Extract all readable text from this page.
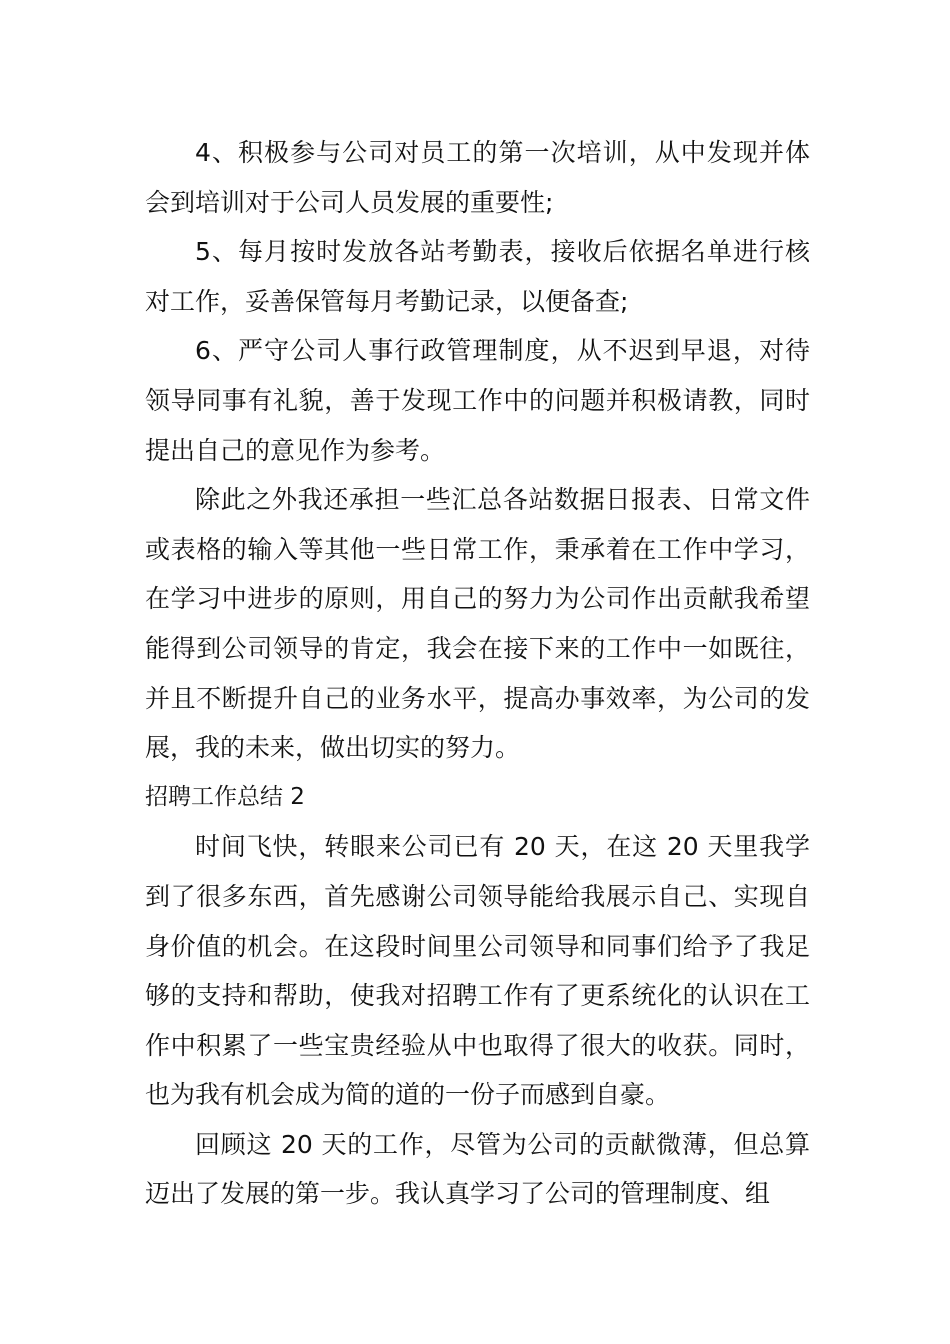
4、积极参与公司对员工的第一次培训，从中发现并体会到培训对于公司人员发展的重要性;

5、每月按时发放各站考勤表，接收后依据名单进行核对工作，妥善保管每月考勤记录，以便备查;

6、严守公司人事行政管理制度，从不迟到早退，对待领导同事有礼貌，善于发现工作中的问题并积极请教，同时提出自己的意见作为参考。

除此之外我还承担一些汇总各站数据日报表、日常文件或表格的输入等其他一些日常工作，秉承着在工作中学习，在学习中进步的原则，用自己的努力为公司作出贡献我希望能得到公司领导的肯定，我会在接下来的工作中一如既往，并且不断提升自己的业务水平，提高办事效率，为公司的发展，我的未来，做出切实的努力。

招聘工作总结 2

时间飞快，转眼来公司已有 20 天，在这 20 天里我学到了很多东西，首先感谢公司领导能给我展示自己、实现自身价值的机会。在这段时间里公司领导和同事们给予了我足够的支持和帮助，使我对招聘工作有了更系统化的认识在工作中积累了一些宝贵经验从中也取得了很大的收获。同时，也为我有机会成为简的道的一份子而感到自豪。

回顾这 20 天的工作，尽管为公司的贡献微薄，但总算迈出了发展的第一步。我认真学习了公司的管理制度、组
